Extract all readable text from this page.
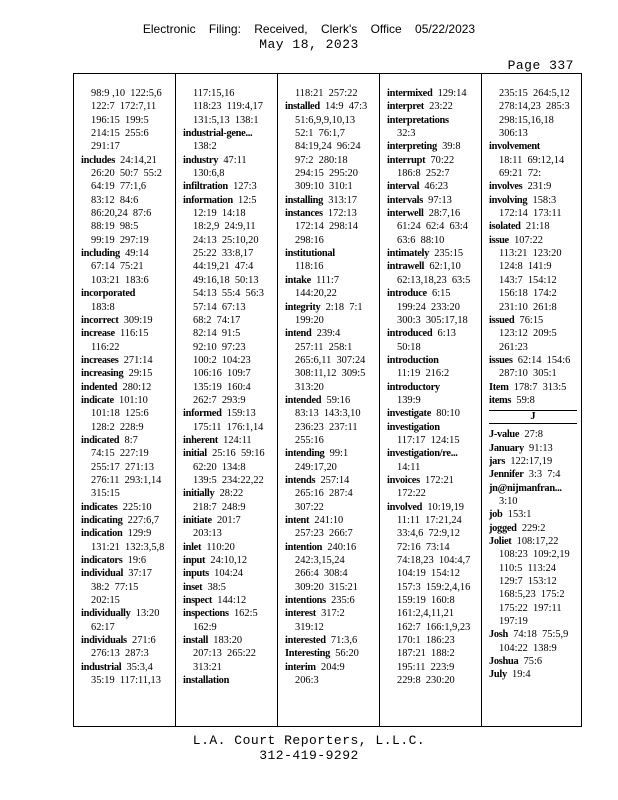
Electronic Filing: Received, Clerk's Office 05/22/2023
May 18, 2023
Page 337
98:9 ,10  122:5,6
122:7  172:7,11
196:15  199:5
214:15  255:6
291:17
includes  24:14,21
26:20  50:7  55:2
64:19  77:1,6
83:12  84:6
86:20,24  87:6
88:19  98:5
99:19  297:19
including  49:14
67:14  75:21
103:21  183:6
incorporated
183:8
incorrect  309:19
increase  116:15
116:22
increases  271:14
increasing  29:15
indented  280:12
indicate  101:10
101:18  125:6
128:2  228:9
indicated  8:7
74:15  227:19
255:17  271:13
276:11  293:1,14
315:15
indicates  225:10
indicating  227:6,7
indication  129:9
131:21  132:3,5,8
indicators  19:6
individual  37:17
38:2  77:15
202:15
individually  13:20
62:17
individuals  271:6
276:13  287:3
industrial  35:3,4
35:19  117:11,13
117:15,16
118:23  119:4,17
131:5,13  138:1
industrial-gene...
138:2
industry  47:11
130:6,8
infiltration  127:3
information  12:5
12:19  14:18
18:2,9  24:9,11
24:13  25:10,20
25:22  33:8,17
44:19,21  47:4
49:16,18  50:13
54:13  55:4  56:3
57:14  67:13
68:2  74:17
82:14  91:5
92:10  97:23
100:2  104:23
106:16  109:7
135:19  160:4
262:7  293:9
informed  159:13
175:11  176:1,14
inherent  124:11
initial  25:16  59:16
62:20  134:8
139:5  234:22,22
initially  28:22
218:7  248:9
initiate  201:7
203:13
inlet  110:20
input  24:10,12
inputs  104:24
inset  38:5
inspect  144:12
inspections  162:5
162:9
install  183:20
207:13  265:22
313:21
installation
118:21  257:22
installed  14:9  47:3
51:6,9,9,10,13
52:1  76:1,7
84:19,24  96:24
97:2  280:18
294:15  295:20
309:10  310:1
installing  313:17
instances  172:13
172:14  298:14
298:16
institutional
118:16
intake  111:7
144:20,22
integrity  2:18  7:1
199:20
intend  239:4
257:11  258:1
265:6,11  307:24
308:11,12  309:5
313:20
intended  59:16
83:13  143:3,10
236:23  237:11
255:16
intending  99:1
249:17,20
intends  257:14
265:16  287:4
307:22
intent  241:10
257:23  266:7
intention  240:16
242:3,15,24
266:4  308:4
309:20  315:21
intentions  235:6
interest  317:2
319:12
interested  71:3,6
Interesting  56:20
interim  204:9
206:3
intermixed  129:14
interpret  23:22
interpretations
32:3
interpreting  39:8
interrupt  70:22
186:8  252:7
interval  46:23
intervals  97:13
interwell  28:7,16
61:24  62:4  63:4
63:6  88:10
intimately  235:15
intrawell  62:1,10
62:13,18,23  63:5
introduce  6:15
199:24  233:20
300:3  305:17,18
introduced  6:13
50:18
introduction
11:19  216:2
introductory
139:9
investigate  80:10
investigation
117:17  124:15
investigation/re...
14:11
invoices  172:21
172:22
involved  10:19,19
11:11  17:21,24
33:4,6  72:9,12
72:16  73:14
74:18,23  104:4,7
104:19  154:12
157:3  159:2,4,16
159:19  160:8
161:2,4,11,21
162:7  166:1,9,23
170:1  186:23
187:21  188:2
195:11  223:9
229:8  230:20
235:15  264:5,12
278:14,23  285:3
298:15,16,18
306:13
involvement
18:11  69:12,14
69:21  72:
involves  231:9
involving  158:3
172:14  173:11
isolated  21:18
issue  107:22
113:21  123:20
124:8  141:9
143:7  154:12
156:18  174:2
231:10  261:8
issued  76:15
123:12  209:5
261:23
issues  62:14  154:6
287:10  305:1
Item  178:7  313:5
items  59:8
J
J-value  27:8
January  91:13
jars  122:17,19
Jennifer  3:3  7:4
jn@nijmanfran...
3:10
job  153:1
jogged  229:2
Joliet  108:17,22
108:23  109:2,19
110:5  113:24
129:7  153:12
168:5,23  175:2
175:22  197:11
197:19
Josh  74:18  75:5,9
104:22  138:9
Joshua  75:6
July  19:4
L.A. Court Reporters, L.L.C.
312-419-9292
